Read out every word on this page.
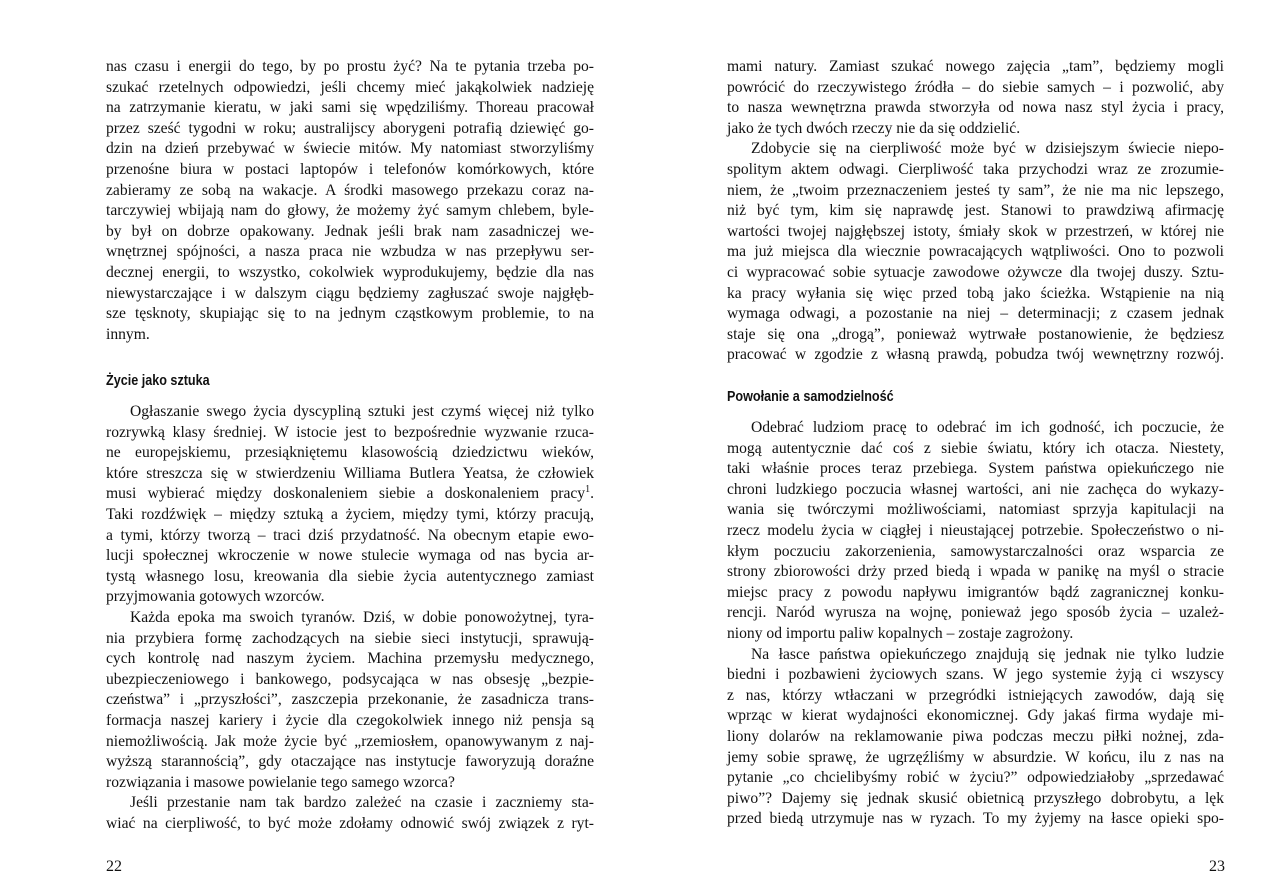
nas czasu i energii do tego, by po prostu żyć? Na te pytania trzeba po-
szukać rzetelnych odpowiedzi, jeśli chcemy mieć jakąkolwiek nadzieję
na zatrzymanie kieratu, w jaki sami się wpędziliśmy. Thoreau pracował
przez sześć tygodni w roku; australijscy aborygeni potrafią dziewięć go-
dzin na dzień przebywać w świecie mitów. My natomiast stworzyliśmy
przenośne biura w postaci laptopów i telefonów komórkowych, które
zabieramy ze sobą na wakacje. A środki masowego przekazu coraz na-
tarczywiej wbijają nam do głowy, że możemy żyć samym chlebem, byle-
by był on dobrze opakowany. Jednak jeśli brak nam zasadniczej we-
wnętrznej spójności, a nasza praca nie wzbudza w nas przepływu ser-
decznej energii, to wszystko, cokolwiek wyprodukujemy, będzie dla nas
niewystarczające i w dalszym ciągu będziemy zagłuszać swoje najgłęb-
sze tęsknoty, skupiając się to na jednym cząstkowym problemie, to na
innym.
Życie jako sztuka
Ogłaszanie swego życia dyscypliną sztuki jest czymś więcej niż tylko
rozrywką klasy średniej. W istocie jest to bezpośrednie wyzwanie rzuca-
ne europejskiemu, przesiąkniętemu klasowością dziedzictwu wieków,
które streszcza się w stwierdzeniu Williama Butlera Yeatsa, że człowiek
musi wybierać między doskonaleniem siebie a doskonaleniem pracy$^1$.
Taki rozdźwięk – między sztuką a życiem, między tymi, którzy pracują,
a tymi, którzy tworzą – traci dziś przydatność. Na obecnym etapie ewo-
lucji społecznej wkroczenie w nowe stulecie wymaga od nas bycia ar-
tystą własnego losu, kreowania dla siebie życia autentycznego zamiast
przyjmowania gotowych wzorców.
Każda epoka ma swoich tyranów. Dziś, w dobie ponowożytnej, tyra-
nia przybiera formę zachodzących na siebie sieci instytucji, sprawują-
cych kontrolę nad naszym życiem. Machina przemysłu medycznego,
ubezpieczeniowego i bankowego, podsycająca w nas obsesję „bezpie-
czeństwa” i „przyszłości”, zaszczepia przekonanie, że zasadnicza trans-
formacja naszej kariery i życie dla czegokolwiek innego niż pensja są
niemożliwością. Jak może życie być „rzemiosłem, opanowywanym z naj-
wyższą starannością”, gdy otaczające nas instytucje faworyzują doraźne
rozwiązania i masowe powielanie tego samego wzorca?
Jeśli przestanie nam tak bardzo zależeć na czasie i zaczniemy sta-
wiać na cierpliwość, to być może zdołamy odnowić swój związek z ryt-
22
mami natury. Zamiast szukać nowego zajęcia „tam”, będziemy mogli
powrócić do rzeczywistego źródła – do siebie samych – i pozwolić, aby
to nasza wewnętrzna prawda stworzyła od nowa nasz styl życia i pracy,
jako że tych dwóch rzeczy nie da się oddzielić.
Zdobycie się na cierpliwość może być w dzisiejszym świecie niepo-
spolitym aktem odwagi. Cierpliwość taka przychodzi wraz ze zrozumie-
niem, że „twoim przeznaczeniem jesteś ty sam”, że nie ma nic lepszego,
niż być tym, kim się naprawdę jest. Stanowi to prawdziwą afirmację
wartości twojej najgłębszej istoty, śmiały skok w przestrzeń, w której nie
ma już miejsca dla wiecznie powracających wątpliwości. Ono to pozwoli
ci wypracować sobie sytuacje zawodowe ożywcze dla twojej duszy. Sztu-
ka pracy wyłania się więc przed tobą jako ścieżka. Wstąpienie na nią
wymaga odwagi, a pozostanie na niej – determinacji; z czasem jednak
staje się ona „drogą”, ponieważ wytrwałe postanowienie, że będziesz
pracować w zgodzie z własną prawdą, pobudza twój wewnętrzny rozwój.
Powołanie a samodzielność
Odebrać ludziom pracę to odebrać im ich godność, ich poczucie, że
mogą autentycznie dać coś z siebie światu, który ich otacza. Niestety,
taki właśnie proces teraz przebiega. System państwa opiekuńczego nie
chroni ludzkiego poczucia własnej wartości, ani nie zachęca do wykazy-
wania się twórczymi możliwościami, natomiast sprzyja kapitulacji na
rzecz modelu życia w ciągłej i nieustającej potrzebie. Społeczeństwo o ni-
kłym poczuciu zakorzenienia, samowystarczalności oraz wsparcia ze
strony zbiorowości drży przed biedą i wpada w panikę na myśl o stracie
miejsc pracy z powodu napływu imigrantów bądź zagranicznej konku-
rencji. Naród wyrusza na wojnę, ponieważ jego sposób życia – uzależ-
niony od importu paliw kopalnych – zostaje zagrożony.
Na łasce państwa opiekuńczego znajdują się jednak nie tylko ludzie
biedni i pozbawieni życiowych szans. W jego systemie żyją ci wszyscy
z nas, którzy wtłaczani w przegródki istniejących zawodów, dają się
wprząc w kierat wydajności ekonomicznej. Gdy jakaś firma wydaje mi-
liony dolarów na reklamowanie piwa podczas meczu piłki nożnej, zda-
jemy sobie sprawę, że ugrzęźliśmy w absurdzie. W końcu, ilu z nas na
pytanie „co chcielibyśmy robić w życiu?” odpowiedziałoby „sprzedawać
piwo”? Dajemy się jednak skusić obietnicą przyszłego dobrobytu, a lęk
przed biedą utrzymuje nas w ryzach. To my żyjemy na łasce opieki spo-
23
